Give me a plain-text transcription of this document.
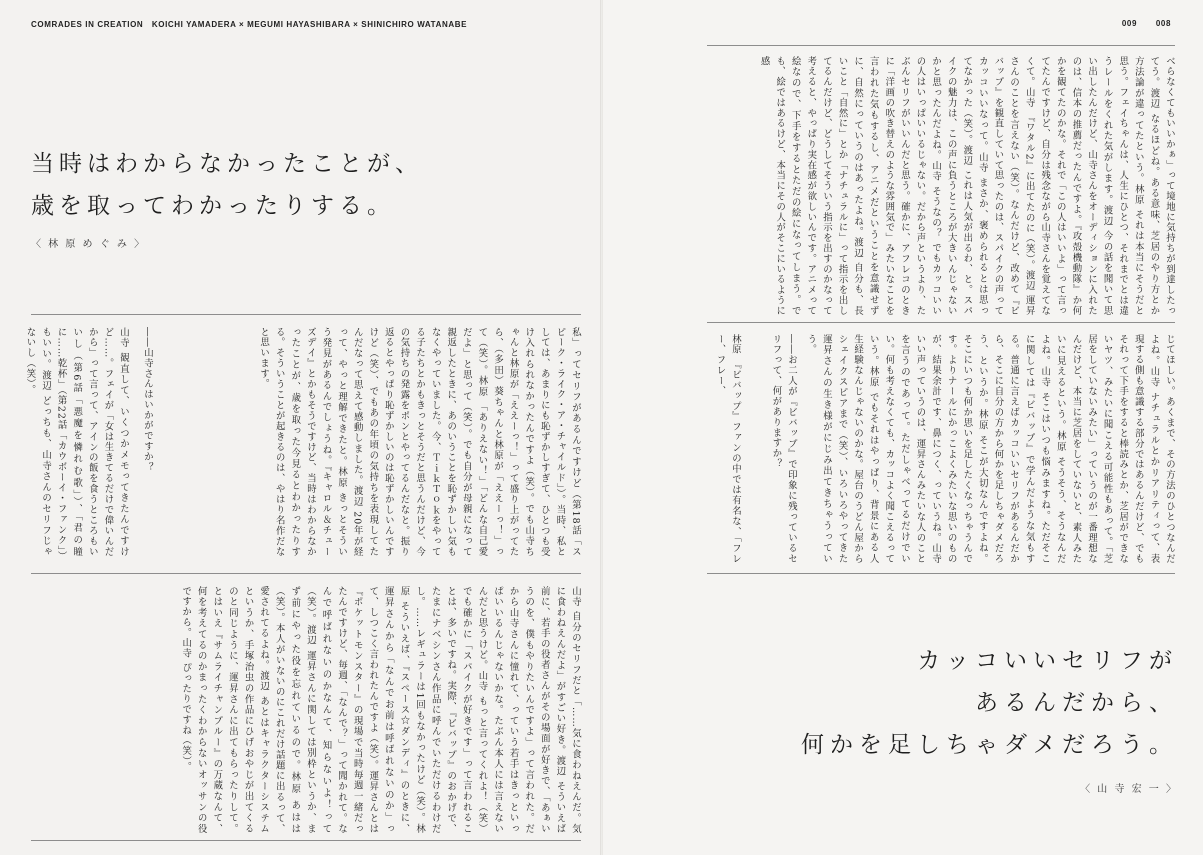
COMRADES IN CREATION　KOICHI YAMADERA × MEGUMI HAYASHIBARA × SHINICHIRO WATANABE	009 008
当時はわからなかったことが、
歳を取ってわかったりする。
〈 林 原 め ぐ み 〉
私」ってセリフがあるんですけど（第18話「スピーク・ライク・ア・チャイルド」）。当時、私としては、あまりにも恥ずかしすぎて、ひとつも受け入れられなかったんですよ（笑）。でも山寺ちゃんと林原が「ええーっ！」って盛り上がってたら、（多田）葵ちゃんと林原が「ええーっ！」って（笑）。林原 「ありえない！」「どんな自己愛だよ」と思って（笑）。でも自分が母親になって親返したときに、あのいうことを恥ずかしい気もなくやっていました。今、ＴｉｋＴｏｋをやってる子たちとかもきっとそうだと思うんだけど、今の気持ちの発露をポンとやってるんだなと。振り返るとやっぱり恥ずかしいのは恥ずかしいんですけど（笑）、でもあの年頃の気持ちを表現してたんだなって思えて感動しました。渡辺 20年が経って、やっと理解できたと。林原 きっとそういう発見があるんでしょうね。『キャロル＆チューズデイ』とかもそうですけど、当時はわからなかったことが、歳を取った今見るとわかったりする。そういうことが起きるのは、やはり名作だなと思います。
――山寺さんはいかがですか？
山寺 観直して、いくつかメモってきたんですけど……。フェイが「女は生きてるだけで偉いんだから」って言って、アインの飯を食うところもいいし（第6話「悪魔を憐れむ歌」）、「君の瞳に……乾杯」（第22話「カウボーイ・ファンク」）もいい。渡辺 どっちも、山寺さんのセリフじゃないし（笑）。
山寺 自分のセリフだと「……気に食わねえんだ。気に食わねえんだよ」がすごい好き。渡辺 そういえば前に、若手の役者さんがその場面が好きで、「あぁいうのを、僕もやりたいんですよ」って言われた。だから山寺さんに憧れて、っていう若手はきっといっぱいいるんじゃないかな。たぶん本人には言えないんだと思うけど。山寺 もっと言ってくれよ！（笑）でも確かに「スパイクが好きです」って言われることは、多いですね。実際、『ビバップ』のおかげで、たまにナベシンさん作品に呼んでいただけるわけだし。……レギュラーは1回もなかったけど（笑）。林原 そういえば、『スペース☆ダンディ』のときに、運昇さんから「なんでお前は呼ばれないのか」って、しつこく言われたんですよ（笑）。運昇さんとは『ポケットモンスター』の現場で当時毎週一緒だったんですけど、毎週、「なんで？」って聞かれて。なんで呼ばれないのかなんて、知らないよ！って（笑）。渡辺 運昇さんに関しては別枠というか、まず前にやった役を忘れているので。林原 あはは（笑）。本人がいないのにこれだけ話題に出るって、愛されてるよね。渡辺 あとはキャラクターシステムというか、手塚治虫の作品にひげおやじが出てくるのと同じように、運昇さんに出てもらったりして。とはいえ『サムライチャンプルー』の万蔵なんて、何を考えてるのかまったくわからないオッサンの役ですから。山寺 ぴったりですね（笑）。
べらなくてもいいかぁ」って境地に気持ちが到達したってう。渡辺 なるほどね。ある意味、芝居のやり方とか方法論が違ってたという。林原 それは本当にそうだと思う。フェイちゃんは、人生にひとつ、それまでとは違うレールをくれた気がします。渡辺 今の話を聞いて思い出したんだけど、山寺さんをオーディションに入れたのは、信本の推薦だったんですよ。『攻殻機動隊』か何かを観てたのかな。それで「この人はいいよ」って言ってたんですけど、自分は残念ながら山寺さんを覚えてなくて。山寺 『ワタル2』に出てたのに（笑）。渡辺 運昇さんのことを言えない（笑）。なんだけど、改めて『ビバップ』を観直していて思ったのは、スパイクの声ってカッコいいなって。山寺 まさか、褒められるとは思ってなかった（笑）。渡辺 これは人気が出るわ、と。スパイクの魅力は、この声に負うところが大きいんじゃないかと思ったんだよね。山寺 そうなの？ でもカッコいいの人はいっぱいいるじゃない。だから声というより、たぶんセリフがいいんだと思う。確かに、アフレコのときに「洋画の吹き替えのような雰囲気で」みたいなことを言われた気もするし、アニメだということを意識せずに、自然にっていうのはあったよね。渡辺 自分も、長いこと「自然に」とか「ナチュラルに」って指示を出してるんだけど、どうしてそういう指示を出すのかなって考えると、やっぱり実在感が欲しいんです。アニメって絵なので、下手をするとただの絵になってしまう。でも、絵ではあるけど、本当にその人がそこにいるように感
じてほしい。あくまで、その方法のひとつなんだよね。山寺 ナチュラルとかリアリティって、表現する側も意識する部分ではあるんだけど、でもそれって下手をすると棒読みとか、芝居ができないヤツ、みたいに聞こえる可能性もあって。「芝居をしていないみたい」っていうのが一番理想なんだけど、本当に芝居をしていないと、素人みたいに見えるという。林原 そうそう、そうなんだよね。山寺 そこはいつも悩みますね。ただそこに関しては『ビバップ』で学んだような気もする。普通に言えばカッコいいセリフがあるんだから、そこに自分の方から何かを足しちゃダメだろう、というか。林原 そこが大切なんですよね。そこにいつも何か思いを足したくなっちゃうんです。よりナールにかっこよくみたいな思いのものが、結果余計です、鼻につく、っていうね。山寺 いい声っていうのは、運昇さんみたいな人のことを言うのであって。ただしゃべってるだけでいい。何も考えなくても、カッコよく聞こえるっていう。林原 でもそれはやっぱり、背景にある人生経験なんじゃないのかな。屋台のうどん屋からシェイクスピアまで（笑）、いろいろやってきた運昇さんの生き様がにじみ出てきちゃうっていう。
――お二人が『ビバップ』で印象に残っているセリフって、何がありますか？
林原 『ビバップ』ファンの中では有名な、「フレー、フレー、
カッコいいセリフが
あるんだから、
何かを足しちゃダメだろう。
〈 山 寺 宏 一 〉
